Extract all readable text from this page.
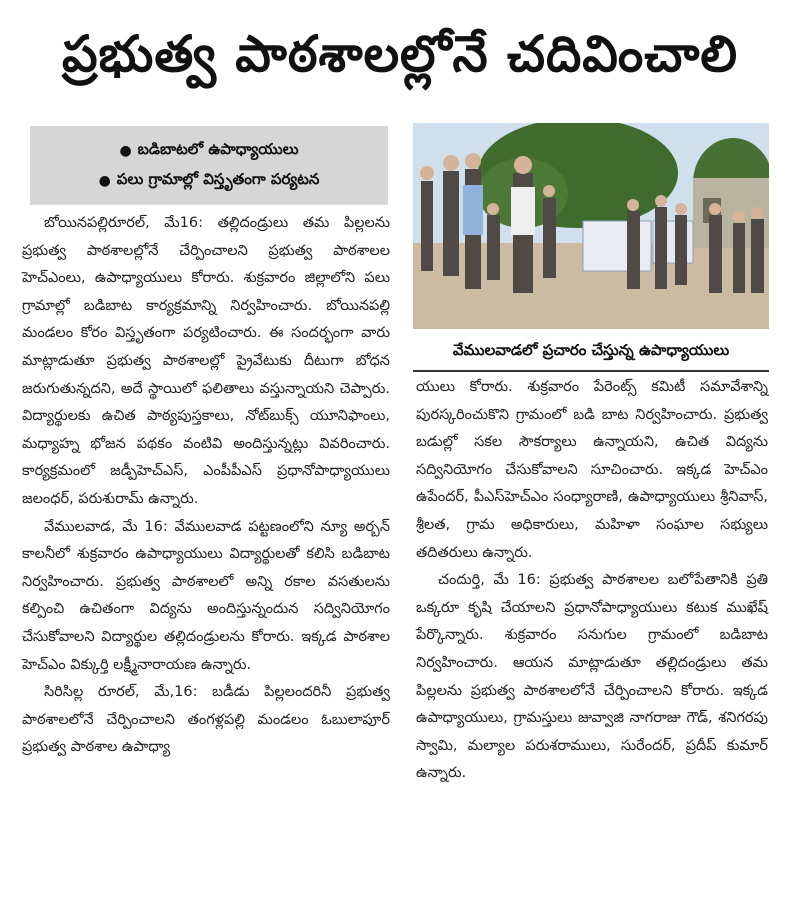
ప్రభుత్వ పాఠశాలల్లోనే చదివించాలి
● బడిబాటలో ఉపాధ్యాయులు
● పలు గ్రామాల్లో విస్తృతంగా పర్యటన
వేములవాడలో ప్రచారం చేస్తున్న ఉపాధ్యాయులు

బోయినపల్లిరూరల్, మే16: తల్లిదండ్రులు తమ పిల్లలను ప్రభుత్వ పాఠశాలల్లోనే చేర్పించాలని ప్రభుత్వ పాఠశాలల హెచ్ఎంలు, ఉపాధ్యాయులు కోరారు. శుక్రవారం జిల్లాలోని పలు గ్రామాల్లో బడిబాట కార్యక్రమాన్ని నిర్వహించారు. బోయినపల్లి మండలం కోరం విస్తృతంగా పర్యటించారు. ఈ సందర్భంగా వారు మాట్లాడుతూ ప్రభుత్వ పాఠశాలల్లో ప్రైవేటుకు దీటుగా బోధన జరుగుతున్నదని, అదే స్థాయిలో ఫలితాలు వస్తున్నాయని చెప్పారు. విద్యార్థులకు ఉచిత పాఠ్యపుస్తకాలు, నోట్‌బుక్స్ యూనిఫాంలు, మధ్యాహ్న భోజన పథకం వంటివి అందిస్తున్నట్లు వివరించారు. కార్యక్రమంలో జడ్పీహెచ్ఎస్, ఎంపీపీఎస్ ప్రధానోపాధ్యాయులు జలంధర్, పరుశురామ్ ఉన్నారు.

వేములవాడ, మే 16: వేములవాడ పట్టణంలోని న్యూ అర్బన్ కాలనీలో శుక్రవారం ఉపాధ్యాయులు విద్యార్థులతో కలిసి బడిబాట నిర్వహించారు. ప్రభుత్వ పాఠశాలలో అన్ని రకాల వసతులను కల్పించి ఉచితంగా విద్యను అందిస్తున్నందున సద్వినియోగం చేసుకోవాలని విద్యార్థుల తల్లిదండ్రులను కోరారు. ఇక్కడ పాఠశాల హెచ్ఎం విక్కుర్తి లక్ష్మీనారాయణ ఉన్నారు.

సిరిసిల్ల రూరల్, మే,16: బడీడు పిల్లలందరినీ ప్రభుత్వ పాఠశాలలోనే చేర్పించాలని తంగళ్లపల్లి మండలం ఓబులాపూర్ ప్రభుత్వ పాఠశాల ఉపాధ్యా

యులు కోరారు. శుక్రవారం పేరెంట్స్ కమిటీ సమావేశాన్ని పురస్కరించుకొని గ్రామంలో బడి బాట నిర్వహించారు. ప్రభుత్వ బడుల్లో సకల సౌకర్యాలు ఉన్నాయని, ఉచిత విద్యను సద్వినియోగం చేసుకోవాలని సూచించారు. ఇక్కడ హెచ్ఎం ఉపేందర్, పీఎస్‌హెచ్ఎం సంధ్యారాణి, ఉపాధ్యాయులు శ్రీనివాస్, శ్రీలత, గ్రామ అధికారులు, మహిళా సంఘాల సభ్యులు తదితరులు ఉన్నారు.

చందుర్తి, మే 16: ప్రభుత్వ పాఠశాలల బలోపేతానికి ప్రతి ఒక్కరూ కృషి చేయాలని ప్రధానోపాధ్యాయులు కటుక ముఖేష్ పేర్కొన్నారు. శుక్రవారం సనుగుల గ్రామంలో బడిబాట నిర్వహించారు. ఆయన మాట్లాడుతూ తల్లిదండ్రులు తమ పిల్లలను ప్రభుత్వ పాఠశాలలోనే చేర్పించాలని కోరారు. ఇక్కడ ఉపాధ్యాయులు, గ్రామస్తులు జువ్వాజి నాగరాజు గౌడ్, శనిగరపు స్వామి, మల్యాల పరుశరాములు, సురేందర్, ప్రదీప్ కుమార్ ఉన్నారు.
